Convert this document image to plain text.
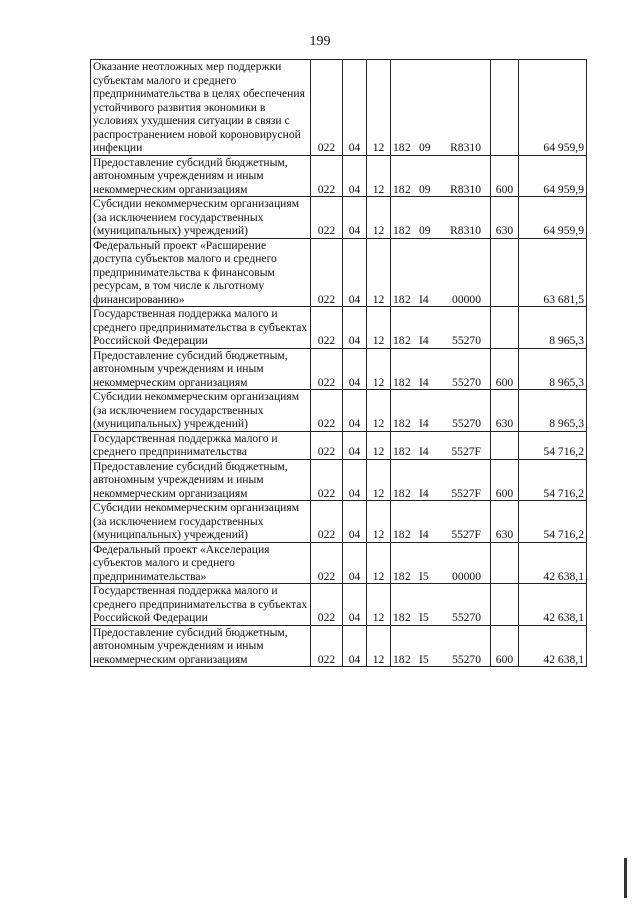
199
Оказание неотложных мер поддержки субъектам малого и среднего предпринимательства в целях обеспечения устойчивого развития экономики в условиях ухудшения ситуации в связи с распространением новой короновирусной инфекции	022	04	12	182 09 R8310		64 959,9
Предоставление субсидий бюджетным, автономным учреждениям и иным некоммерческим организациям	022	04	12	182 09 R8310	600	64 959,9
Субсидии некоммерческим организациям (за исключением государственных (муниципальных) учреждений)	022	04	12	182 09 R8310	630	64 959,9
Федеральный проект «Расширение доступа субъектов малого и среднего предпринимательства к финансовым ресурсам, в том числе к льготному финансированию»	022	04	12	182 I4 00000		63 681,5
Государственная поддержка малого и среднего предпринимательства в субъектах Российской Федерации	022	04	12	182 I4 55270		8 965,3
Предоставление субсидий бюджетным, автономным учреждениям и иным некоммерческим организациям	022	04	12	182 I4 55270	600	8 965,3
Субсидии некоммерческим организациям (за исключением государственных (муниципальных) учреждений)	022	04	12	182 I4 55270	630	8 965,3
Государственная поддержка малого и среднего предпринимательства	022	04	12	182 I4 5527F		54 716,2
Предоставление субсидий бюджетным, автономным учреждениям и иным некоммерческим организациям	022	04	12	182 I4 5527F	600	54 716,2
Субсидии некоммерческим организациям (за исключением государственных (муниципальных) учреждений)	022	04	12	182 I4 5527F	630	54 716,2
Федеральный проект «Акселерация субъектов малого и среднего предпринимательства»	022	04	12	182 I5 00000		42 638,1
Государственная поддержка малого и среднего предпринимательства в субъектах Российской Федерации	022	04	12	182 I5 55270		42 638,1
Предоставление субсидий бюджетным, автономным учреждениям и иным некоммерческим организациям	022	04	12	182 I5 55270	600	42 638,1
